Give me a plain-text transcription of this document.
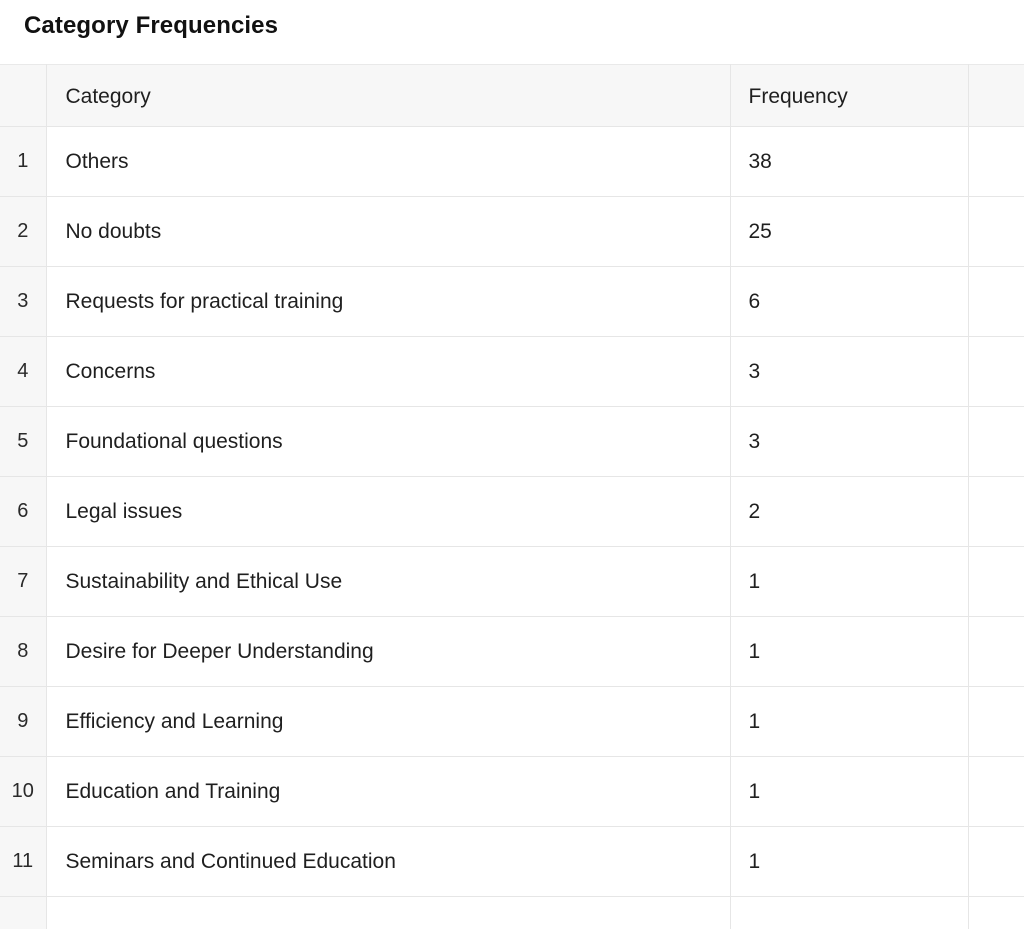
Category Frequencies
	Category	Frequency	
1	Others	38	
2	No doubts	25	
3	Requests for practical training	6	
4	Concerns	3	
5	Foundational questions	3	
6	Legal issues	2	
7	Sustainability and Ethical Use	1	
8	Desire for Deeper Understanding	1	
9	Efficiency and Learning	1	
10	Education and Training	1	
11	Seminars and Continued Education	1	
